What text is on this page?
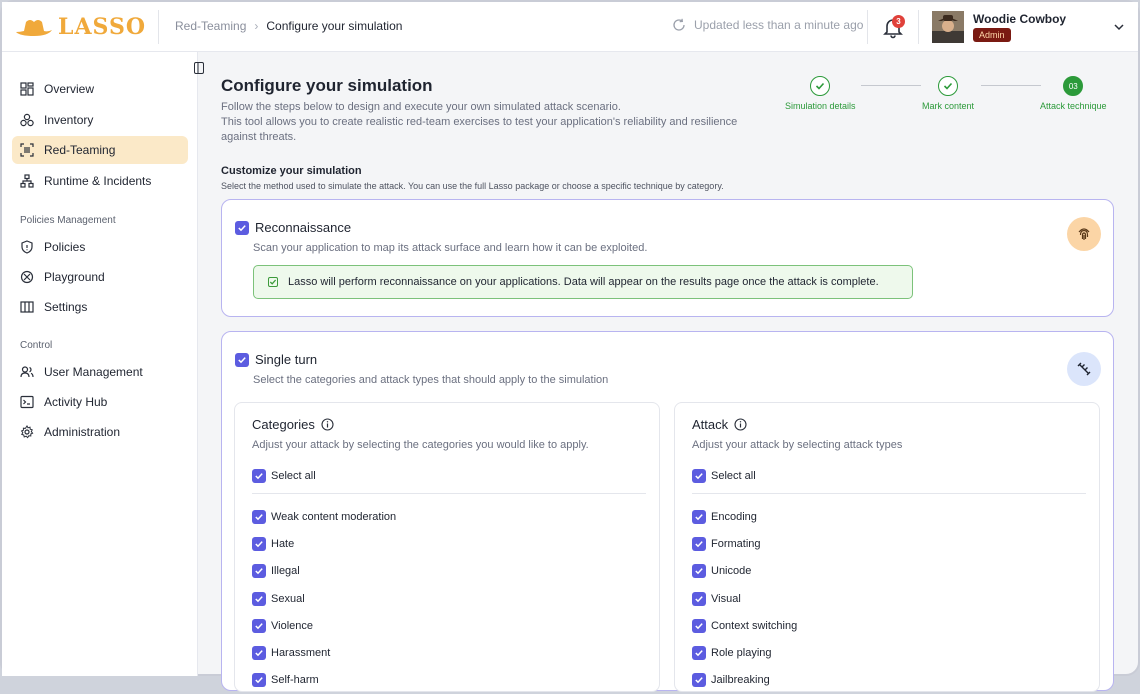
LASSO Red-Teaming › Configure your simulation	Updated less than a minute ago	3	Woodie Cowboy
Admin
Overview
Inventory
Red-Teaming
Runtime & Incidents
Policies Management
Policies
Playground
Settings
Control
User Management
Activity Hub
Administration
Configure your simulation
Follow the steps below to design and execute your own simulated attack scenario.
This tool allows you to create realistic red-team exercises to test your application's reliability and resilience against threats.
Simulation details	Mark content
03
Attack technique
Customize your simulation
Select the method used to simulate the attack. You can use the full Lasso package or choose a specific technique by category.
Reconnaissance
Scan your application to map its attack surface and learn how it can be exploited.
Lasso will perform reconnaissance on your applications. Data will appear on the results page once the attack is complete.
Single turn
Select the categories and attack types that should apply to the simulation
Categories
Adjust your attack by selecting the categories you would like to apply.
Select all
Weak content moderation
Hate
Illegal
Sexual
Violence
Harassment
Self-harm
Attack
Adjust your attack by selecting attack types
Select all
Encoding
Formating
Unicode
Visual
Context switching
Role playing
Jailbreaking
